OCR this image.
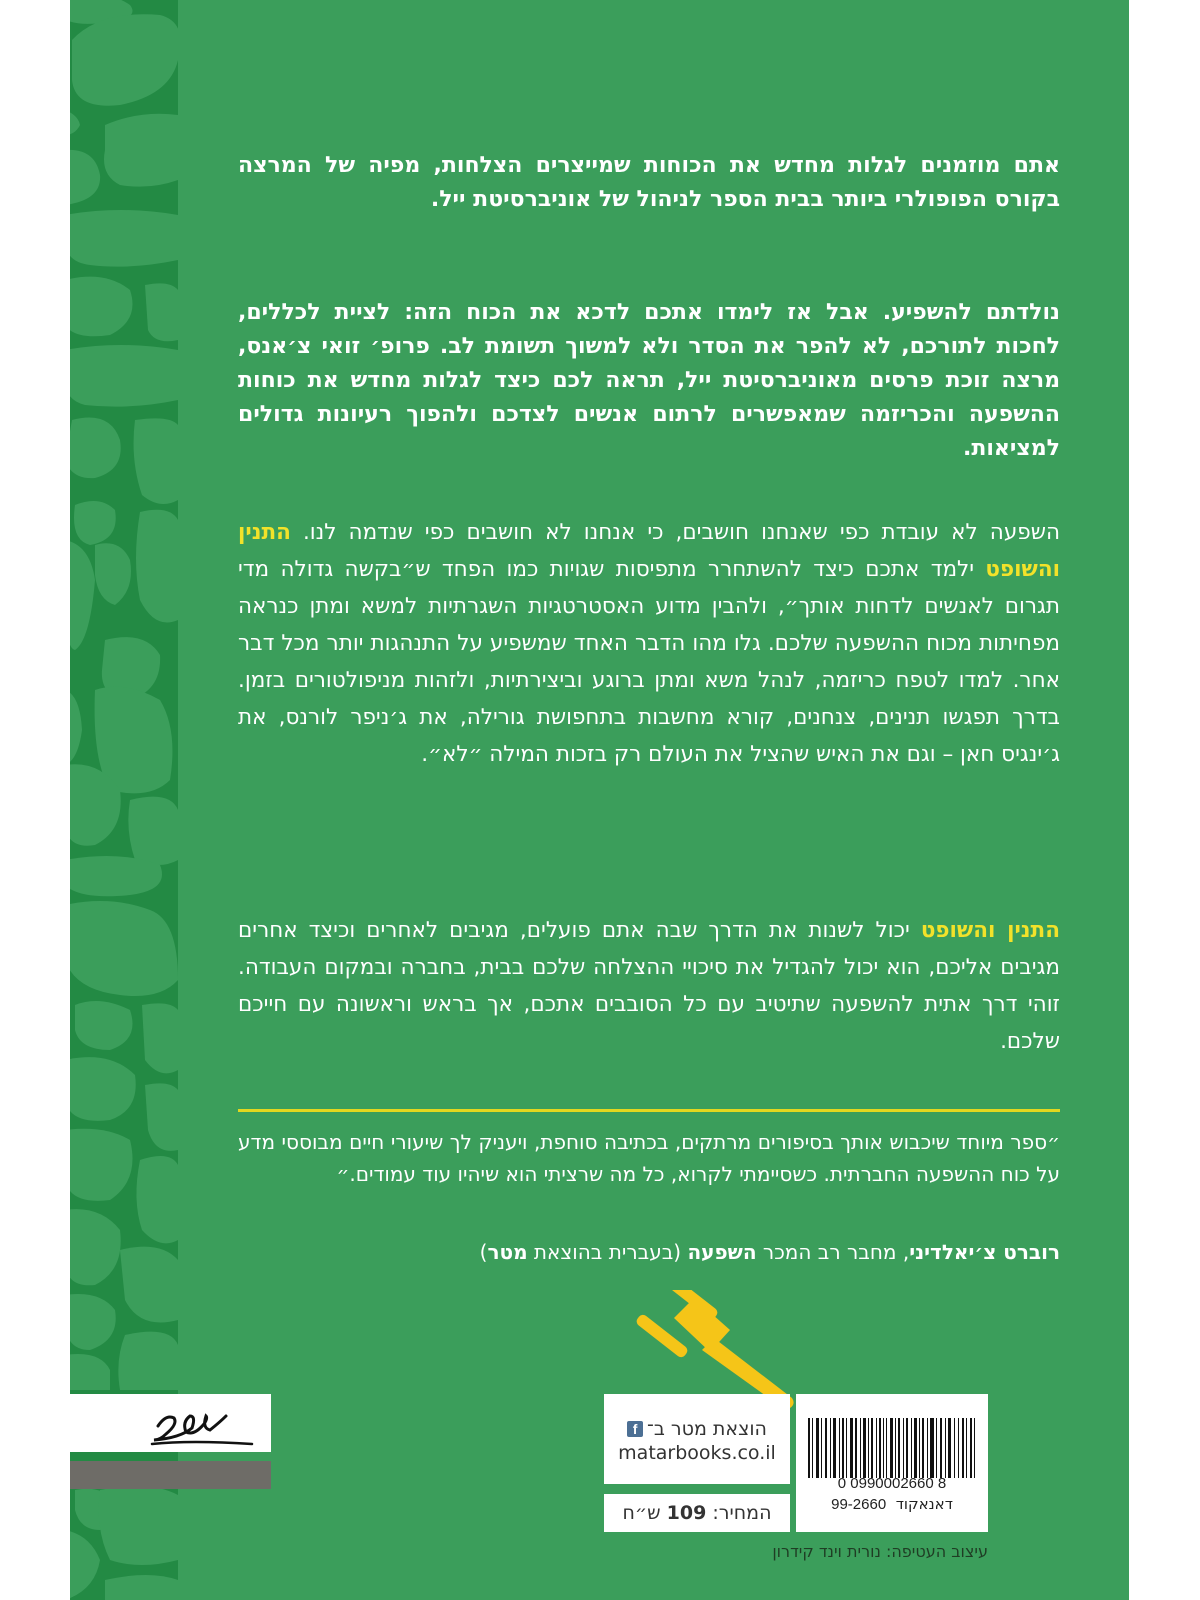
אתם מוזמנים לגלות מחדש את הכוחות שמייצרים הצלחות, מפיה של המרצה בקורס הפופולרי ביותר בבית הספר לניהול של אוניברסיטת ייל.
נולדתם להשפיע. אבל אז לימדו אתכם לדכא את הכוח הזה: לציית לכללים, לחכות לתורכם, לא להפר את הסדר ולא למשוך תשומת לב. פרופ׳ זואי צ׳אנס, מרצה זוכת פרסים מאוניברסיטת ייל, תראה לכם כיצד לגלות מחדש את כוחות ההשפעה והכריזמה שמאפשרים לרתום אנשים לצדכם ולהפוך רעיונות גדולים למציאות.
השפעה לא עובדת כפי שאנחנו חושבים, כי אנחנו לא חושבים כפי שנדמה לנו. התנין והשופט ילמד אתכם כיצד להשתחרר מתפיסות שגויות כמו הפחד ש״בקשה גדולה מדי תגרום לאנשים לדחות אותך״, ולהבין מדוע האסטרטגיות השגרתיות למשא ומתן כנראה מפחיתות מכוח ההשפעה שלכם. גלו מהו הדבר האחד שמשפיע על התנהגות יותר מכל דבר אחר. למדו לטפח כריזמה, לנהל משא ומתן ברוגע וביצירתיות, ולזהות מניפולטורים בזמן. בדרך תפגשו תנינים, צנחנים, קורא מחשבות בתחפושת גורילה, את ג׳ניפר לורנס, את ג׳ינגיס חאן – וגם את האיש שהציל את העולם רק בזכות המילה ״לא״.
התנין והשופט יכול לשנות את הדרך שבה אתם פועלים, מגיבים לאחרים וכיצד אחרים מגיבים אליכם, הוא יכול להגדיל את סיכויי ההצלחה שלכם בבית, בחברה ובמקום העבודה. זוהי דרך אתית להשפעה שתיטיב עם כל הסובבים אתכם, אך בראש וראשונה עם חייכם שלכם.
״ספר מיוחד שיכבוש אותך בסיפורים מרתקים, בכתיבה סוחפת, ויעניק לך שיעורי חיים מבוססי מדע על כוח ההשפעה החברתית. כשסיימתי לקרוא, כל מה שרציתי הוא שיהיו עוד עמודים.״
רוברט צ׳יאלדיני, מחבר רב המכר השפעה (בעברית בהוצאת מטר)
הוצאת מטר ב־
f
matarbooks.co.il
המחיר: 109 ש״ח
0 0990002660 8
דאנאקוד  99-2660
עיצוב העטיפה: נורית וינד קידרון
